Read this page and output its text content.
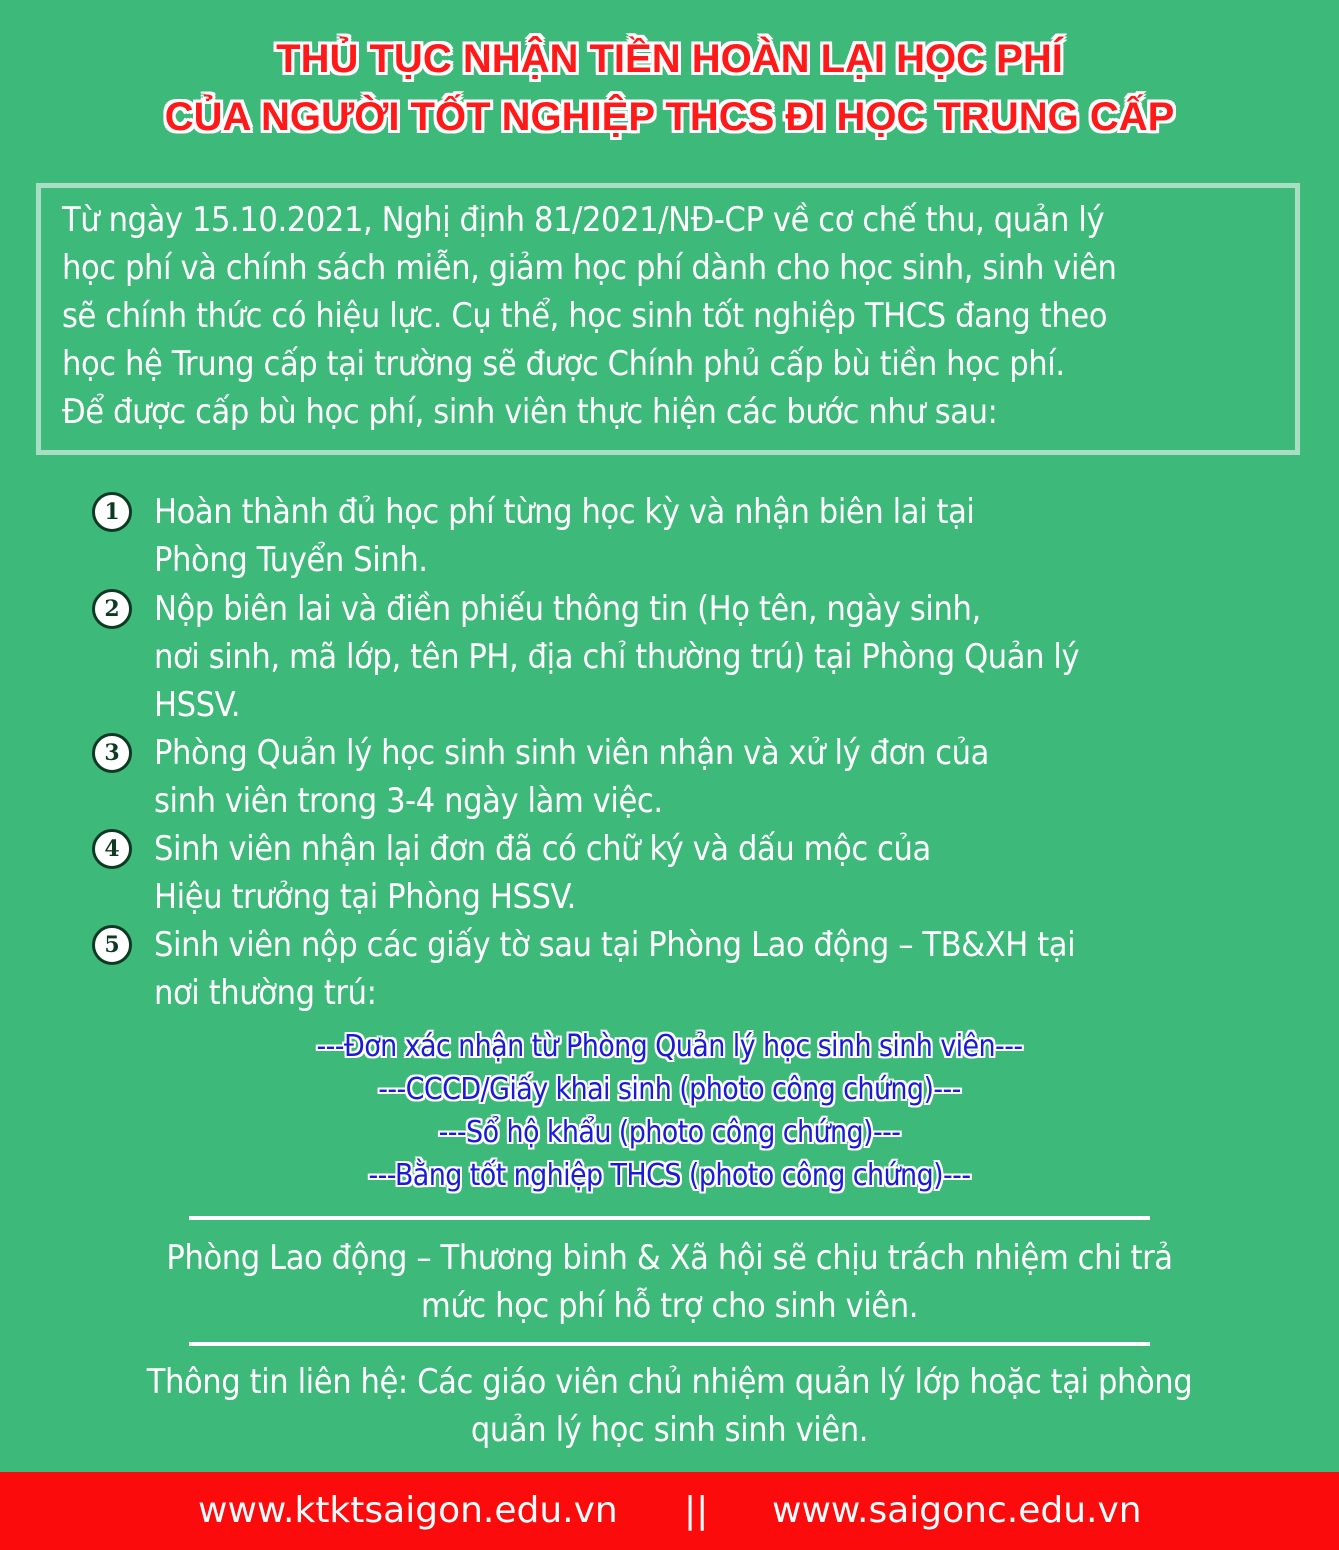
THỦ TỤC NHẬN TIỀN HOÀN LẠI HỌC PHÍ
CỦA NGƯỜI TỐT NGHIỆP THCS ĐI HỌC TRUNG CẤP
Từ ngày 15.10.2021, Nghị định 81/2021/NĐ-CP về cơ chế thu, quản lý
học phí và chính sách miễn, giảm học phí dành cho học sinh, sinh viên
sẽ chính thức có hiệu lực. Cụ thể, học sinh tốt nghiệp THCS đang theo
học hệ Trung cấp tại trường sẽ được Chính phủ cấp bù tiền học phí.
Để được cấp bù học phí, sinh viên thực hiện các bước như sau:
1	Hoàn thành đủ học phí từng học kỳ và nhận biên lai tại
Phòng Tuyển Sinh.
2	Nộp biên lai và điền phiếu thông tin (Họ tên, ngày sinh,
nơi sinh, mã lớp, tên PH, địa chỉ thường trú) tại Phòng Quản lý
HSSV.
3	Phòng Quản lý học sinh sinh viên nhận và xử lý đơn của
sinh viên trong 3-4 ngày làm việc.
4	Sinh viên nhận lại đơn đã có chữ ký và dấu mộc của
Hiệu trưởng tại Phòng HSSV.
5	Sinh viên nộp các giấy tờ sau tại Phòng Lao động – TB&XH tại
nơi thường trú:
---Đơn xác nhận từ Phòng Quản lý học sinh sinh viên---
---CCCD/Giấy khai sinh (photo công chứng)---
---Sổ hộ khẩu (photo công chứng)---
---Bằng tốt nghiệp THCS (photo công chứng)---
Phòng Lao động – Thương binh & Xã hội sẽ chịu trách nhiệm chi trả
mức học phí hỗ trợ cho sinh viên.
Thông tin liên hệ: Các giáo viên chủ nhiệm quản lý lớp hoặc tại phòng
quản lý học sinh sinh viên.
www.ktktsaigon.edu.vn || www.saigonc.edu.vn
